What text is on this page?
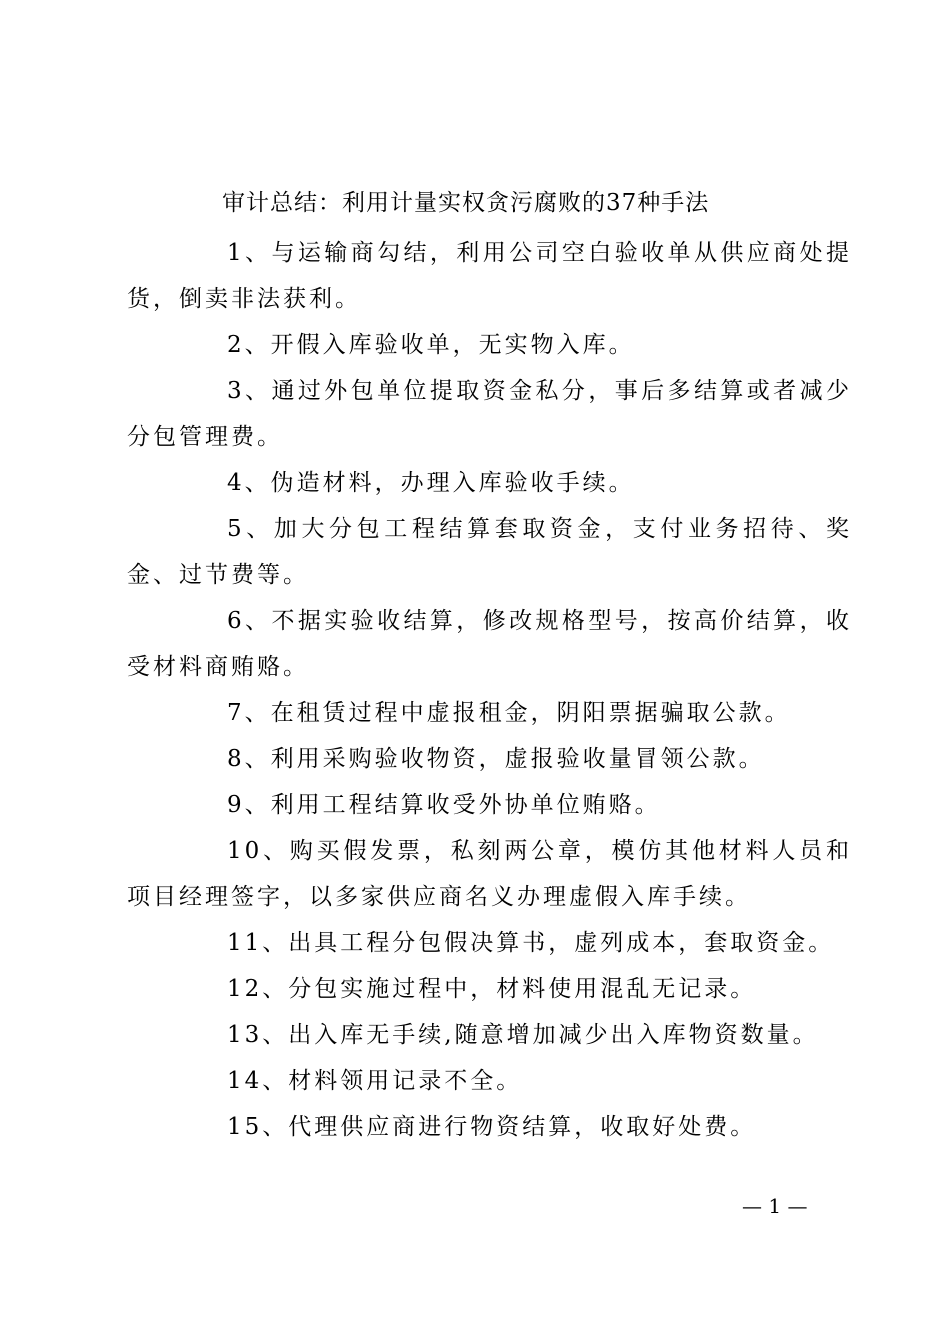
审计总结：利用计量实权贪污腐败的37种手法

1、与运输商勾结，利用公司空白验收单从供应商处提货，倒卖非法获利。

2、开假入库验收单，无实物入库。

3、通过外包单位提取资金私分，事后多结算或者减少分包管理费。

4、伪造材料，办理入库验收手续。

5、加大分包工程结算套取资金，支付业务招待、奖金、过节费等。

6、不据实验收结算，修改规格型号，按高价结算，收受材料商贿赂。

7、在租赁过程中虚报租金，阴阳票据骗取公款。

8、利用采购验收物资，虚报验收量冒领公款。

9、利用工程结算收受外协单位贿赂。

10、购买假发票，私刻两公章，模仿其他材料人员和项目经理签字，以多家供应商名义办理虚假入库手续。

11、出具工程分包假决算书，虚列成本，套取资金。

12、分包实施过程中，材料使用混乱无记录。

13、出入库无手续,随意增加减少出入库物资数量。

14、材料领用记录不全。

15、代理供应商进行物资结算，收取好处费。

— 1 —
